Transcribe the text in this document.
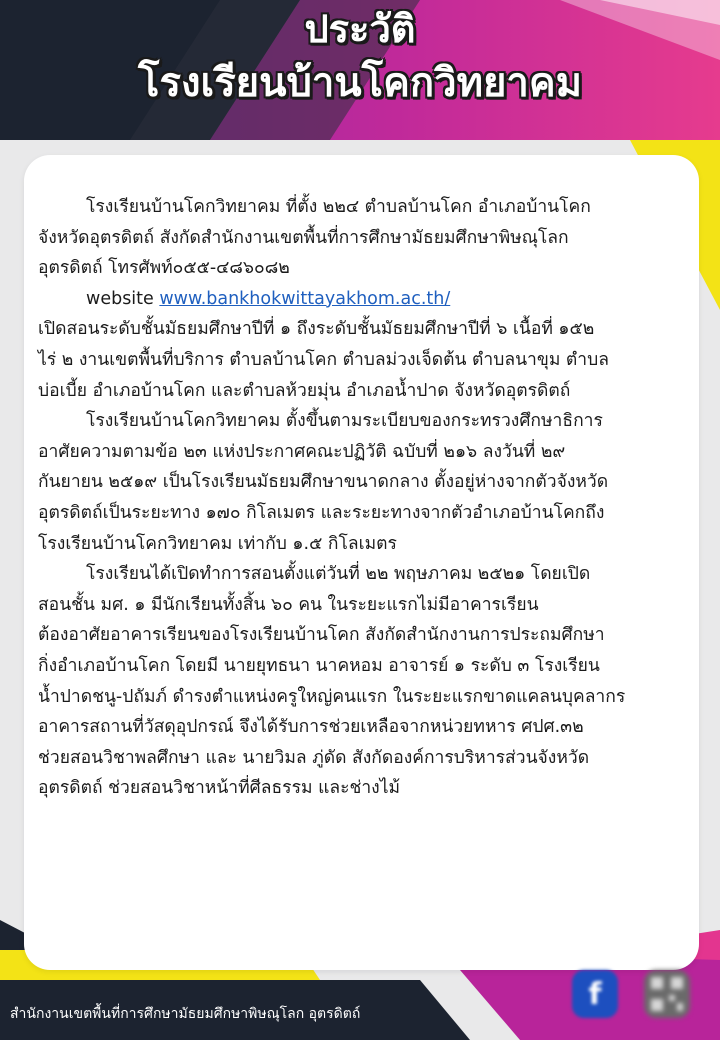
ประวัติ
โรงเรียนบ้านโคกวิทยาคม
โรงเรียนบ้านโคกวิทยาคม ที่ตั้ง ๒๒๔ ตำบลบ้านโคก อำเภอบ้านโคก
จังหวัดอุตรดิตถ์ สังกัดสำนักงานเขตพื้นที่การศึกษามัธยมศึกษาพิษณุโลก
อุตรดิตถ์ โทรศัพท์๐๕๕-๔๘๖๐๘๒
website www.bankhokwittayakhom.ac.th/
เปิดสอนระดับชั้นมัธยมศึกษาปีที่ ๑ ถึงระดับชั้นมัธยมศึกษาปีที่ ๖ เนื้อที่ ๑๕๒
ไร่ ๒ งานเขตพื้นที่บริการ ตำบลบ้านโคก ตำบลม่วงเจ็ดต้น ตำบลนาขุม ตำบล
บ่อเบี้ย อำเภอบ้านโคก และตำบลห้วยมุ่น อำเภอน้ำปาด จังหวัดอุตรดิตถ์
โรงเรียนบ้านโคกวิทยาคม ตั้งขึ้นตามระเบียบของกระทรวงศึกษาธิการ
อาศัยความตามข้อ ๒๓ แห่งประกาศคณะปฏิวัติ ฉบับที่ ๒๑๖ ลงวันที่ ๒๙
กันยายน ๒๕๑๙ เป็นโรงเรียนมัธยมศึกษาขนาดกลาง ตั้งอยู่ห่างจากตัวจังหวัด
อุตรดิตถ์เป็นระยะทาง ๑๗๐ กิโลเมตร และระยะทางจากตัวอำเภอบ้านโคกถึง
โรงเรียนบ้านโคกวิทยาคม เท่ากับ ๑.๕ กิโลเมตร
โรงเรียนได้เปิดทำการสอนตั้งแต่วันที่ ๒๒ พฤษภาคม ๒๕๒๑ โดยเปิด
สอนชั้น มศ. ๑ มีนักเรียนทั้งสิ้น ๖๐ คน ในระยะแรกไม่มีอาคารเรียน
ต้องอาศัยอาคารเรียนของโรงเรียนบ้านโคก สังกัดสำนักงานการประถมศึกษา
กิ่งอำเภอบ้านโคก โดยมี นายยุทธนา นาคหอม อาจารย์ ๑ ระดับ ๓ โรงเรียน
น้ำปาดชนู-ปถัมภ์ ดำรงตำแหน่งครูใหญ่คนแรก ในระยะแรกขาดแคลนบุคลากร
อาคารสถานที่วัสดุอุปกรณ์ จึงได้รับการช่วยเหลือจากหน่วยทหาร ศปศ.๓๒
ช่วยสอนวิชาพลศึกษา และ นายวิมล ภู่ดัด สังกัดองค์การบริหารส่วนจังหวัด
อุตรดิตถ์ ช่วยสอนวิชาหน้าที่ศีลธรรม และช่างไม้
สำนักงานเขตพื้นที่การศึกษามัธยมศึกษาพิษณุโลก อุตรดิตถ์
f
